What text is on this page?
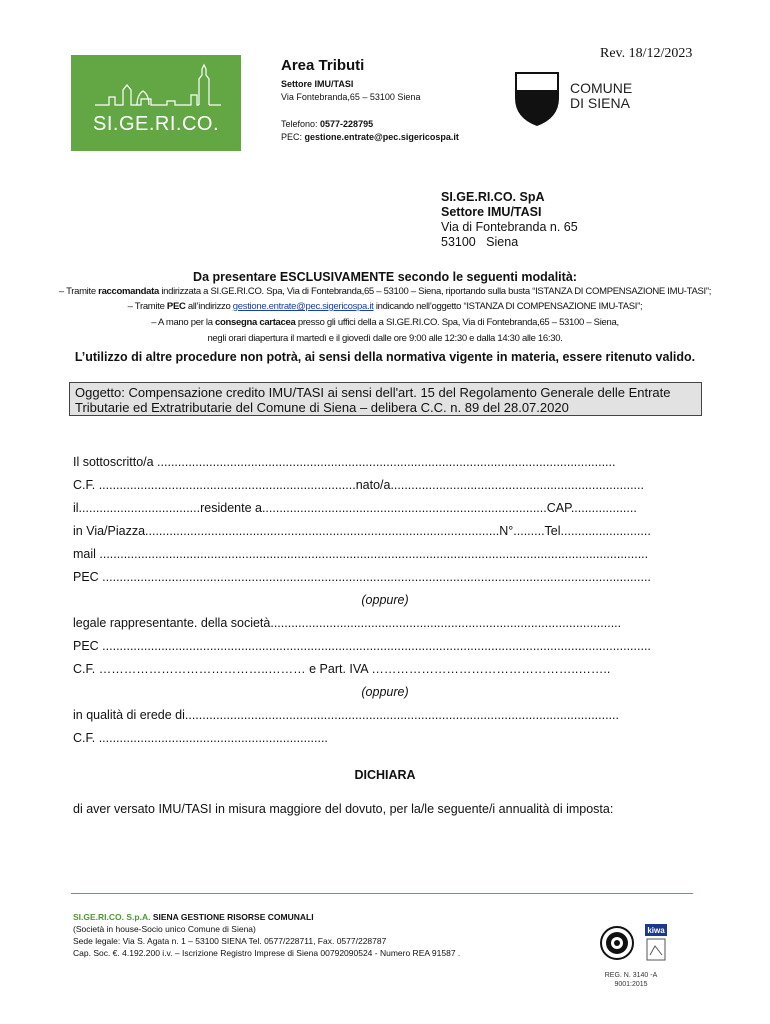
SI.GE.RI.CO.
Area Tributi
Settore IMU/TASI
Via Fontebranda,65 – 53100 Siena
Telefono: 0577-228795
PEC: gestione.entrate@pec.sigericospa.it
Rev. 18/12/2023
COMUNE
DI SIENA
SI.GE.RI.CO. SpA
Settore IMU/TASI
Via di Fontebranda n. 65
53100   Siena
Da presentare ESCLUSIVAMENTE secondo le seguenti modalità:
– Tramite raccomandata indirizzata a SI.GE.RI.CO. Spa, Via di Fontebranda,65 – 53100 – Siena, riportando sulla busta “ISTANZA DI COMPENSAZIONE IMU-TASI”;
– Tramite PEC all’indirizzo gestione.entrate@pec.sigericospa.it indicando nell’oggetto “ISTANZA DI COMPENSAZIONE IMU-TASI”;
– A mano per la consegna cartacea presso gli uffici della a SI.GE.RI.CO. Spa, Via di Fontebranda,65 – 53100 – Siena,
negli orari diapertura il martedì e il giovedì dalle ore 9:00 alle 12:30 e dalla 14:30 alle 16:30.
L’utilizzo di altre procedure non potrà, ai sensi della normativa vigente in materia, essere ritenuto valido.
Oggetto: Compensazione credito IMU/TASI ai sensi dell'art. 15 del Regolamento Generale delle Entrate Tributarie ed Extratributarie del Comune di Siena – delibera C.C. n. 89 del 28.07.2020
Il sottoscritto/a ....................................................................................................................................
C.F. ..........................................................................nato/a.........................................................................
il...................................residente a..................................................................................CAP...................
in Via/Piazza......................................................................................................N°.........Tel..........................
mail ..............................................................................................................................................................
PEC ..............................................................................................................................................................
(oppure)
legale rappresentante. della società.....................................................................................................
PEC ..............................................................................................................................................................
C.F. …………………………………..……… e Part. IVA …………………………………………..……..
(oppure)
in qualità di erede di.............................................................................................................................
C.F. ..................................................................
DICHIARA
di aver versato IMU/TASI in misura maggiore del dovuto, per la/le seguente/i annualità di imposta:
SI.GE.RI.CO. S.p.A. SIENA GESTIONE RISORSE COMUNALI
(Società in house-Socio unico Comune di Siena)
Sede legale: Via S. Agata n. 1 – 53100 SIENA Tel. 0577/228711, Fax. 0577/228787
Cap. Soc. €. 4.192.200 i.v. – Iscrizione Registro Imprese di Siena 00792090524 - Numero REA 91587 .
kiwa
REG. N. 3140 -A
9001:2015
